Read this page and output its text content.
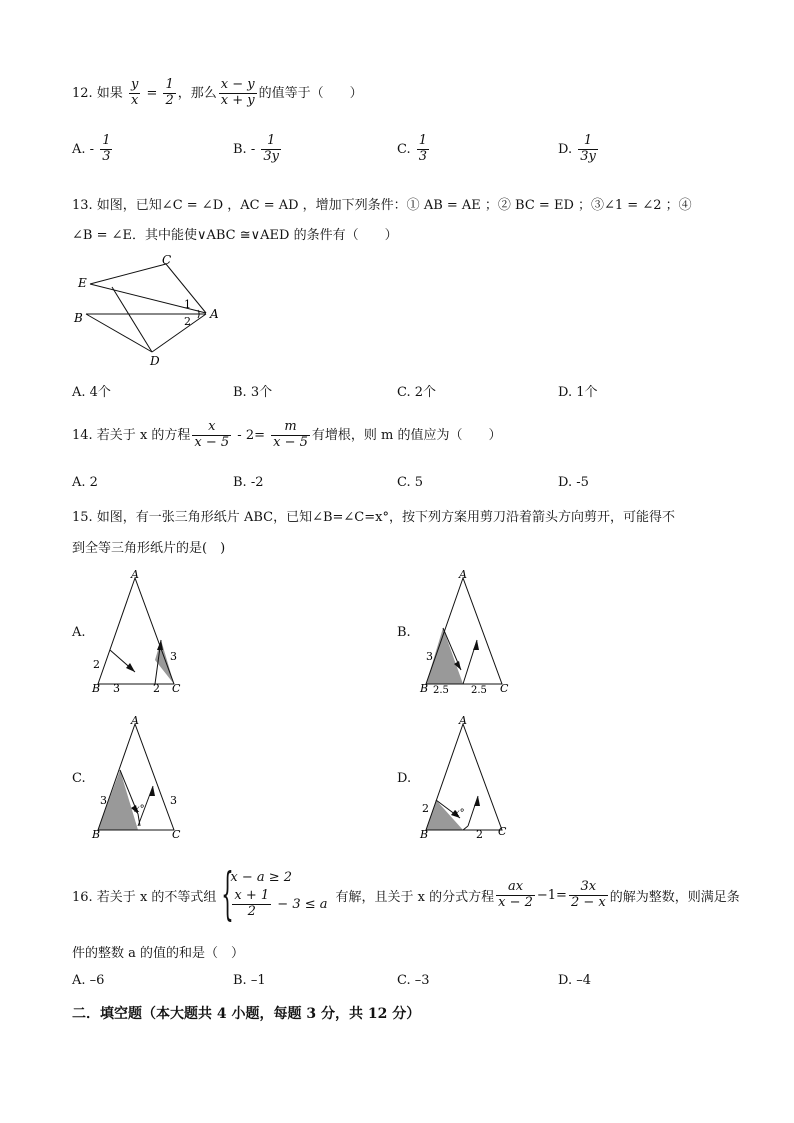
12. 如果 $\frac{y}{x} = \frac{1}{2}$ ，那么 $\frac{x - y}{x + y}$ 的值等于（　　）
A. - $\frac{1}{3}$	B. - $\frac{1}{3y}$	C. $\frac{1}{3}$	D. $\frac{1}{3y}$
13. 如图，已知∠C = ∠D ，AC = AD ，增加下列条件：① AB = AE ；② BC = ED ；③∠1 = ∠2 ；④
∠B = ∠E．其中能使∨ABC ≅∨AED 的条件有（　　）
C
E
B	A
D
1
2
A. 4个	B. 3个	C. 2个	D. 1个
14. 若关于 x 的方程 $\frac{x}{x - 5} - 2= \frac{m}{x - 5}$ 有增根，则 m 的值应为（　　）
A. 2	B. -2	C. 5	D. -5
15. 如图，有一张三角形纸片 ABC，已知∠B=∠C=x°，按下列方案用剪刀沿着箭头方向剪开，可能得不
到全等三角形纸片的是(　)
A.
A
B	C
2
3	2
3
B.
A
B	C
3
2.5 2.5
C.
A
B	C
3	3
x°
D.
A
B	C
2
2
x°
16. 若关于 x 的不等式组 {
x − a ≥ 2
$\frac{x + 1}{2} - 3 \le a$ 有解，且关于 x 的分式方程 $\frac{ax}{x - 2} -1= \frac{3x}{2 - x}$ 的解为整数，则满足条
件的整数 a 的值的和是（　）
A. –6	B. –1	C. –3	D. –4
二．填空题（本大题共 4 小题，每题 3 分，共 12 分）
